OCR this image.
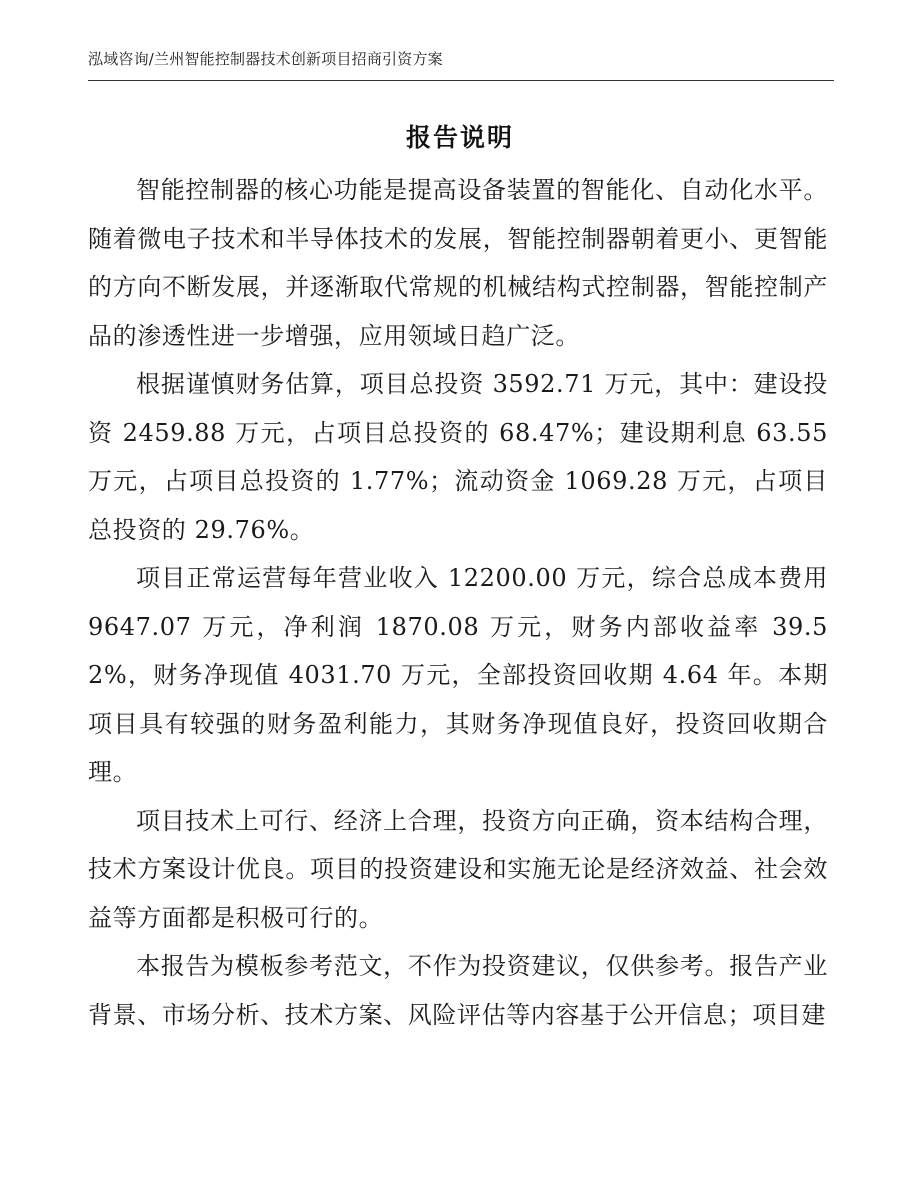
泓域咨询/兰州智能控制器技术创新项目招商引资方案
报告说明

智能控制器的核心功能是提高设备装置的智能化、自动化水平。随着微电子技术和半导体技术的发展，智能控制器朝着更小、更智能的方向不断发展，并逐渐取代常规的机械结构式控制器，智能控制产品的渗透性进一步增强，应用领域日趋广泛。

根据谨慎财务估算，项目总投资 3592.71 万元，其中：建设投资 2459.88 万元，占项目总投资的 68.47%；建设期利息 63.55 万元，占项目总投资的 1.77%；流动资金 1069.28 万元，占项目总投资的 29.76%。

项目正常运营每年营业收入 12200.00 万元，综合总成本费用 9647.07 万元，净利润 1870.08 万元，财务内部收益率 39.52%，财务净现值 4031.70 万元，全部投资回收期 4.64 年。本期项目具有较强的财务盈利能力，其财务净现值良好，投资回收期合理。

项目技术上可行、经济上合理，投资方向正确，资本结构合理，技术方案设计优良。项目的投资建设和实施无论是经济效益、社会效益等方面都是积极可行的。

本报告为模板参考范文，不作为投资建议，仅供参考。报告产业背景、市场分析、技术方案、风险评估等内容基于公开信息；项目建
